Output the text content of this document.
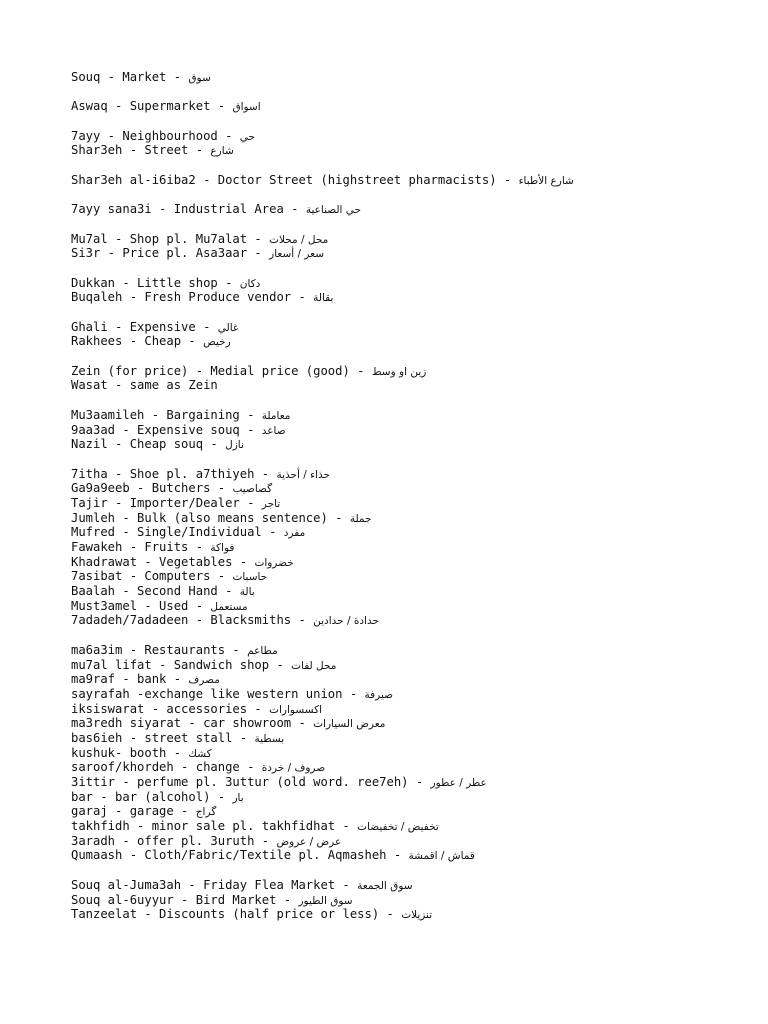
Souq - Market - سوق
Aswaq - Supermarket - اسواق
7ayy - Neighbourhood - حي
Shar3eh - Street - شارع
Shar3eh al-i6iba2 - Doctor Street (highstreet pharmacists) - شارع الأطباء
7ayy sana3i - Industrial Area - حي الصناعية
Mu7al - Shop pl. Mu7alat - محل / محلات
Si3r - Price pl. Asa3aar - سعر / أسعار
Dukkan - Little shop - دكان
Buqaleh - Fresh Produce vendor - بقالة
Ghali - Expensive - غالي
Rakhees - Cheap - رخيص
Zein (for price) - Medial price (good) - زين او وسط
Wasat - same as Zein
Mu3aamileh - Bargaining - معاملة
9aa3ad - Expensive souq - صاعد
Nazil - Cheap souq - نازل
7itha - Shoe pl. a7thiyeh - حذاء / أحذية
Ga9a9eeb - Butchers - گصاصيب
Tajir - Importer/Dealer - تاجر
Jumleh - Bulk (also means sentence) - جملة
Mufred - Single/Individual - مفرد
Fawakeh - Fruits - فواكة
Khadrawat - Vegetables - خضروات
7asibat - Computers - حاسبات
Baalah - Second Hand - بالة
Must3amel - Used - مستعمل
7adadeh/7adadeen - Blacksmiths - حدادة / حدادين
ma6a3im - Restaurants - مطاعم
mu7al lifat - Sandwich shop - محل لفات
ma9raf - bank - مصرف
sayrafah -exchange like western union - صيرفة
iksiswarat - accessories - اكسسوارات
ma3redh siyarat - car showroom - معرض السيارات
bas6ieh - street stall - بسطية
kushuk- booth - كشك
saroof/khordeh - change - صروف / خردة
3ittir - perfume pl. 3uttur (old word. ree7eh) - عطر / عطور
bar - bar (alcohol) - بار
garaj - garage - گراج
takhfidh - minor sale pl. takhfidhat - تخفيض / تخفيضات
3aradh - offer pl. 3uruth - عرض / عروض
Qumaash - Cloth/Fabric/Textile pl. Aqmasheh - قماش / اقمشة
Souq al-Juma3ah - Friday Flea Market - سوق الجمعة
Souq al-6uyyur - Bird Market - سوق الطيور
Tanzeelat - Discounts (half price or less) - تنزيلات
